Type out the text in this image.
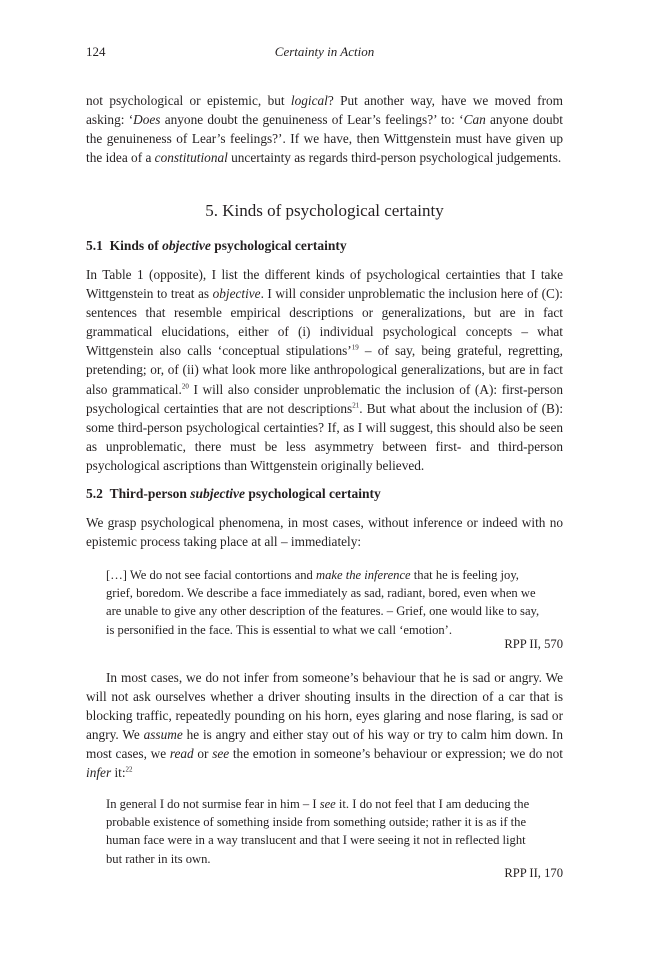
124	Certainty in Action

not psychological or epistemic, but logical? Put another way, have we moved from asking: ‘Does anyone doubt the genuineness of Lear’s feelings?’ to: ‘Can anyone doubt the genuineness of Lear’s feelings?’. If we have, then Wittgenstein must have given up the idea of a constitutional uncertainty as regards third-person psychological judgements.

5. Kinds of psychological certainty
5.1 Kinds of objective psychological certainty

In Table 1 (opposite), I list the different kinds of psychological certainties that I take Wittgenstein to treat as objective. I will consider unproblematic the inclusion here of (C): sentences that resemble empirical descriptions or generalizations, but are in fact grammatical elucidations, either of (i) individual psychological concepts – what Wittgenstein also calls ‘conceptual stipulations’$^{19}$ – of say, being grateful, regretting, pretending; or, of (ii) what look more like anthropological generalizations, but are in fact also grammatical.$^{20}$ I will also consider unproblematic the inclusion of (A): first-person psychological certainties that are not descriptions$^{21}$. But what about the inclusion of (B): some third-person psychological certainties? If, as I will suggest, this should also be seen as unproblematic, there must be less asymmetry between first- and third-person psychological ascriptions than Wittgenstein originally believed.

5.2 Third-person subjective psychological certainty

We grasp psychological phenomena, in most cases, without inference or indeed with no epistemic process taking place at all – immediately:

[…] We do not see facial contortions and make the inference that he is feeling joy, grief, boredom. We describe a face immediately as sad, radiant, bored, even when we are unable to give any other description of the features. – Grief, one would like to say, is personified in the face. This is essential to what we call ‘emotion’.

RPP II, 570

In most cases, we do not infer from someone’s behaviour that he is sad or angry. We will not ask ourselves whether a driver shouting insults in the direction of a car that is blocking traffic, repeatedly pounding on his horn, eyes glaring and nose flaring, is sad or angry. We assume he is angry and either stay out of his way or try to calm him down. In most cases, we read or see the emotion in someone’s behaviour or expression; we do not infer it:$^{22}$

In general I do not surmise fear in him – I see it. I do not feel that I am deducing the probable existence of something inside from something outside; rather it is as if the human face were in a way translucent and that I were seeing it not in reflected light but rather in its own.

RPP II, 170
